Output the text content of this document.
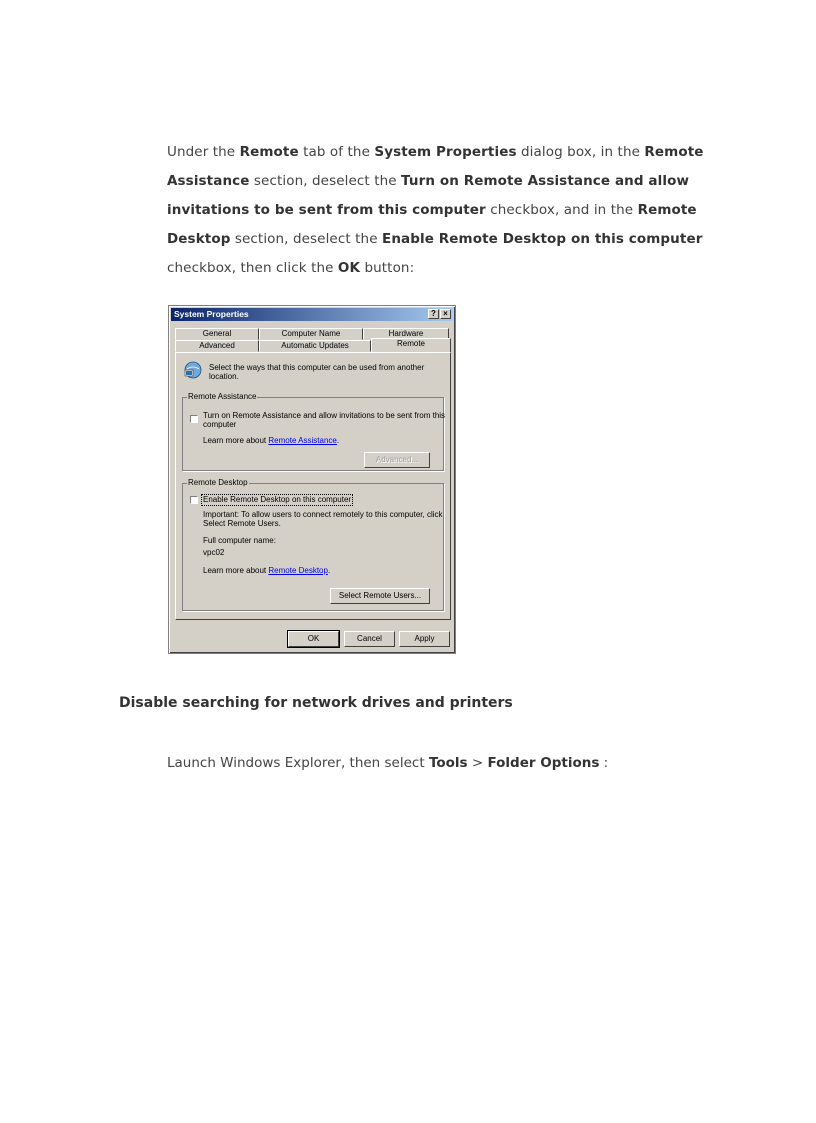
Under the Remote tab of the System Properties dialog box, in the Remote Assistance section, deselect the Turn on Remote Assistance and allow invitations to be sent from this computer checkbox, and in the Remote Desktop section, deselect the Enable Remote Desktop on this computer checkbox, then click the OK button:
System Properties	? ×
General	Computer Name	Hardware
Advanced	Automatic Updates	Remote
Select the ways that this computer can be used from another
location.
Remote Assistance
Turn on Remote Assistance and allow invitations to be sent from this
computer
Learn more about Remote Assistance.
Advanced...
Remote Desktop
Enable Remote Desktop on this computer
Important: To allow users to connect remotely to this computer, click
Select Remote Users.
Full computer name:
vpc02
Learn more about Remote Desktop.
Select Remote Users...
OK	Cancel	Apply
Disable searching for network drives and printers
Launch Windows Explorer, then select Tools > Folder Options :
